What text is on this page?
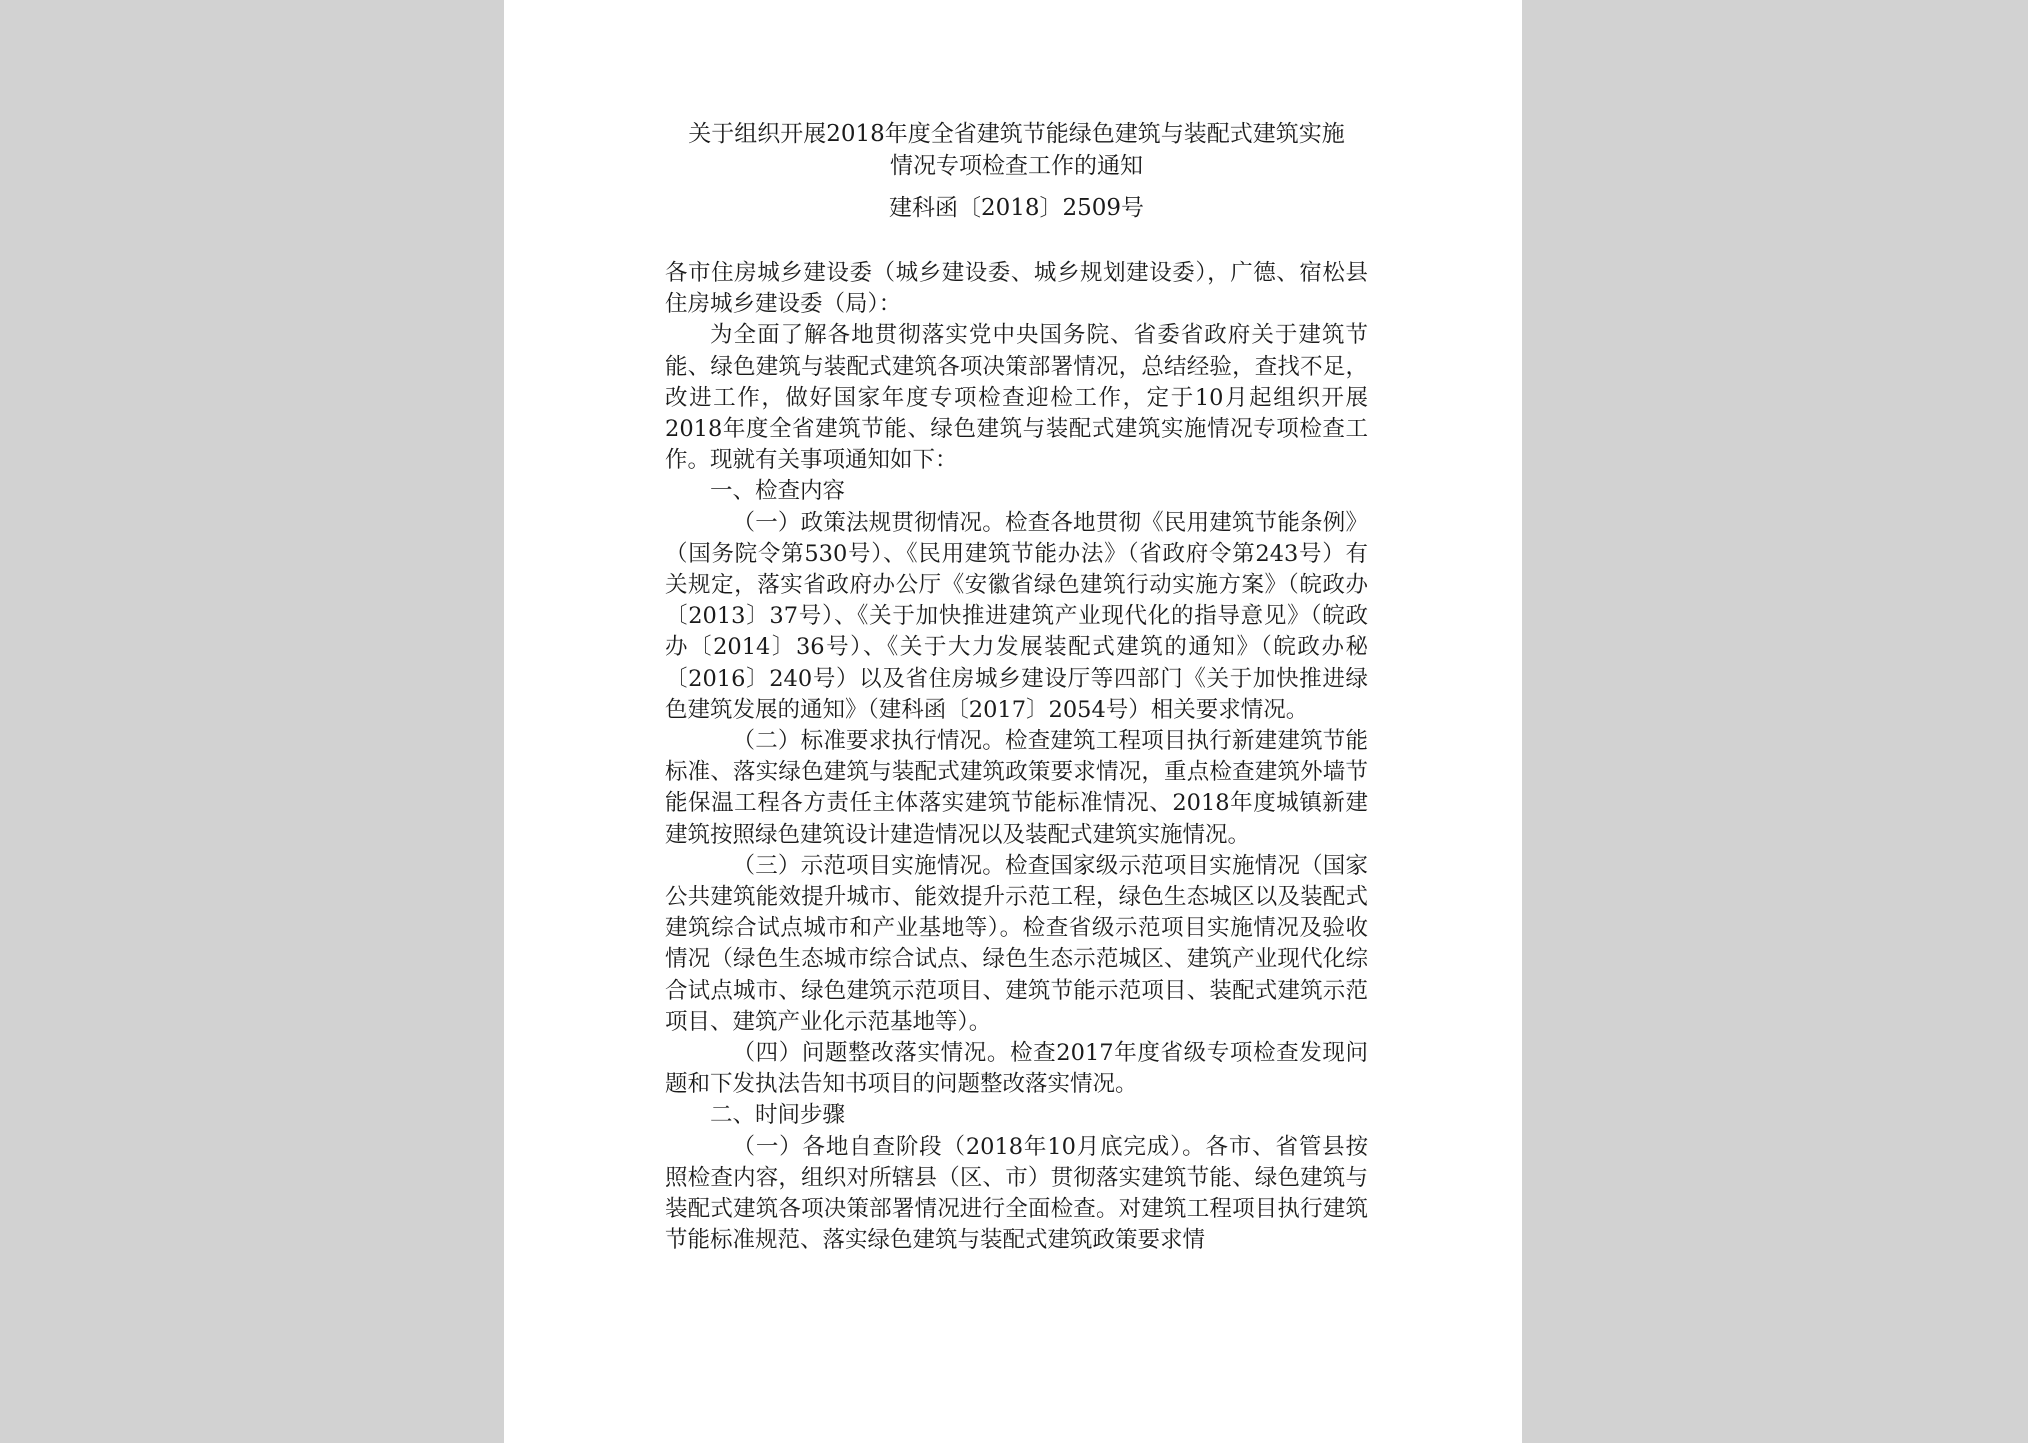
关于组织开展2018年度全省建筑节能绿色建筑与装配式建筑实施
情况专项检查工作的通知
建科函〔2018〕2509号

各市住房城乡建设委（城乡建设委、城乡规划建设委），广德、宿松县住房城乡建设委（局）：

为全面了解各地贯彻落实党中央国务院、省委省政府关于建筑节能、绿色建筑与装配式建筑各项决策部署情况，总结经验，查找不足，改进工作，做好国家年度专项检查迎检工作，定于10月起组织开展2018年度全省建筑节能、绿色建筑与装配式建筑实施情况专项检查工作。现就有关事项通知如下：

一、检查内容

（一）政策法规贯彻情况。检查各地贯彻《民用建筑节能条例》（国务院令第530号）、《民用建筑节能办法》（省政府令第243号）有关规定，落实省政府办公厅《安徽省绿色建筑行动实施方案》（皖政办〔2013〕37号）、《关于加快推进建筑产业现代化的指导意见》（皖政办〔2014〕36号）、《关于大力发展装配式建筑的通知》（皖政办秘〔2016〕240号）以及省住房城乡建设厅等四部门《关于加快推进绿色建筑发展的通知》（建科函〔2017〕2054号）相关要求情况。

（二）标准要求执行情况。检查建筑工程项目执行新建建筑节能标准、落实绿色建筑与装配式建筑政策要求情况，重点检查建筑外墙节能保温工程各方责任主体落实建筑节能标准情况、2018年度城镇新建建筑按照绿色建筑设计建造情况以及装配式建筑实施情况。

（三）示范项目实施情况。检查国家级示范项目实施情况（国家公共建筑能效提升城市、能效提升示范工程，绿色生态城区以及装配式建筑综合试点城市和产业基地等）。检查省级示范项目实施情况及验收情况（绿色生态城市综合试点、绿色生态示范城区、建筑产业现代化综合试点城市、绿色建筑示范项目、建筑节能示范项目、装配式建筑示范项目、建筑产业化示范基地等）。

（四）问题整改落实情况。检查2017年度省级专项检查发现问题和下发执法告知书项目的问题整改落实情况。

二、时间步骤

（一）各地自查阶段（2018年10月底完成）。各市、省管县按照检查内容，组织对所辖县（区、市）贯彻落实建筑节能、绿色建筑与装配式建筑各项决策部署情况进行全面检查。对建筑工程项目执行建筑节能标准规范、落实绿色建筑与装配式建筑政策要求情
